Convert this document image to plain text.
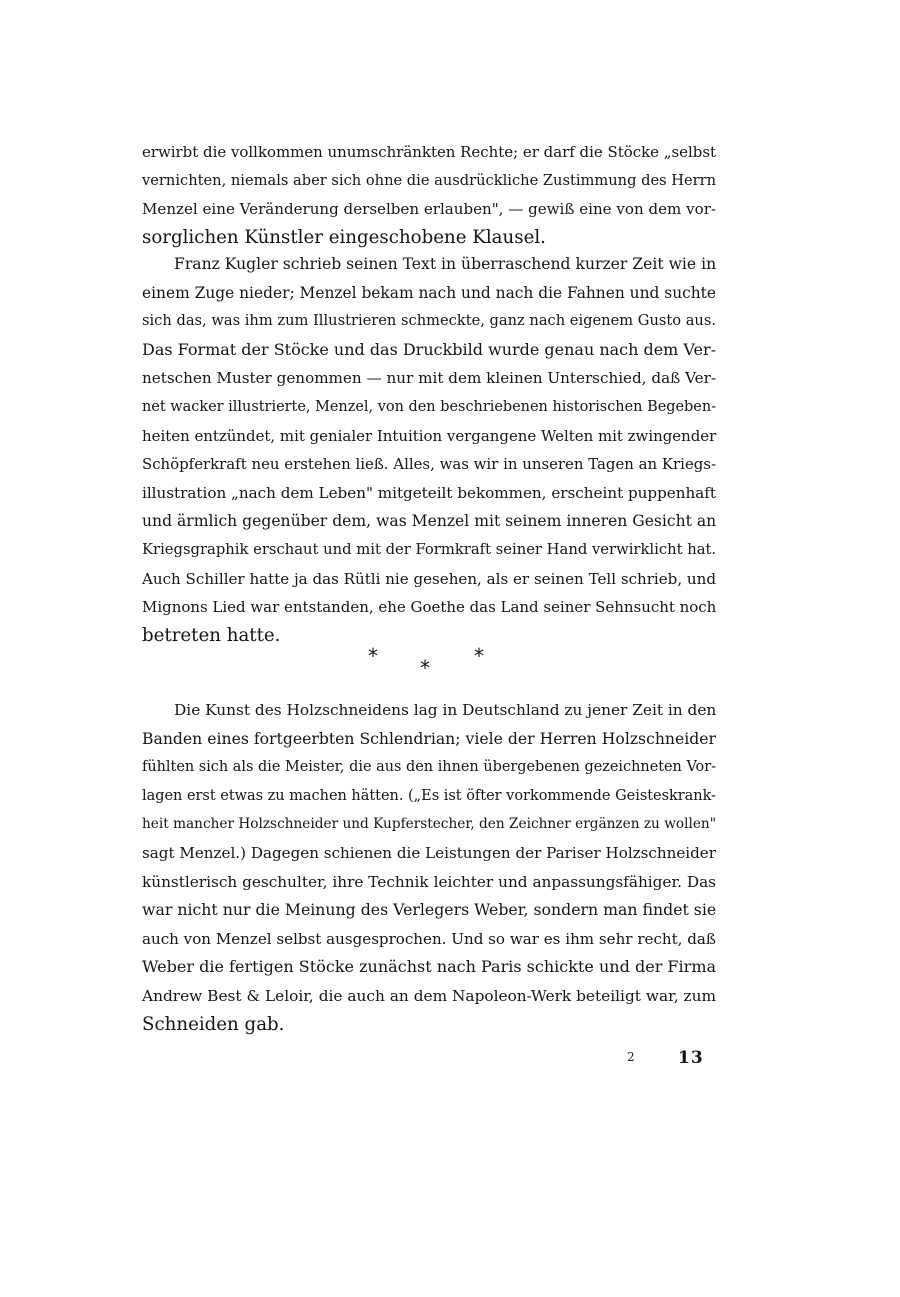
erwirbt die vollkommen unumschränkten Rechte; er darf die Stöcke „selbst
vernichten, niemals aber sich ohne die ausdrückliche Zustimmung des Herrn
Menzel eine Veränderung derselben erlauben", — gewiß eine von dem vor-
sorglichen Künstler eingeschobene Klausel.
Franz Kugler schrieb seinen Text in überraschend kurzer Zeit wie in
einem Zuge nieder; Menzel bekam nach und nach die Fahnen und suchte
sich das, was ihm zum Illustrieren schmeckte, ganz nach eigenem Gusto aus.
Das Format der Stöcke und das Druckbild wurde genau nach dem Ver-
netschen Muster genommen — nur mit dem kleinen Unterschied, daß Ver-
net wacker illustrierte, Menzel, von den beschriebenen historischen Begeben-
heiten entzündet, mit genialer Intuition vergangene Welten mit zwingender
Schöpferkraft neu erstehen ließ. Alles, was wir in unseren Tagen an Kriegs-
illustration „nach dem Leben" mitgeteilt bekommen, erscheint puppenhaft
und ärmlich gegenüber dem, was Menzel mit seinem inneren Gesicht an
Kriegsgraphik erschaut und mit der Formkraft seiner Hand verwirklicht hat.
Auch Schiller hatte ja das Rütli nie gesehen, als er seinen Tell schrieb, und
Mignons Lied war entstanden, ehe Goethe das Land seiner Sehnsucht noch
betreten hatte.
* * *
Die Kunst des Holzschneidens lag in Deutschland zu jener Zeit in den
Banden eines fortgeerbten Schlendrian; viele der Herren Holzschneider
fühlten sich als die Meister, die aus den ihnen übergebenen gezeichneten Vor-
lagen erst etwas zu machen hätten. („Es ist öfter vorkommende Geisteskrank-
heit mancher Holzschneider und Kupferstecher, den Zeichner ergänzen zu wollen"
sagt Menzel.) Dagegen schienen die Leistungen der Pariser Holzschneider
künstlerisch geschulter, ihre Technik leichter und anpassungsfähiger. Das
war nicht nur die Meinung des Verlegers Weber, sondern man findet sie
auch von Menzel selbst ausgesprochen. Und so war es ihm sehr recht, daß
Weber die fertigen Stöcke zunächst nach Paris schickte und der Firma
Andrew Best & Leloir, die auch an dem Napoleon-Werk beteiligt war, zum
Schneiden gab.
2	13
